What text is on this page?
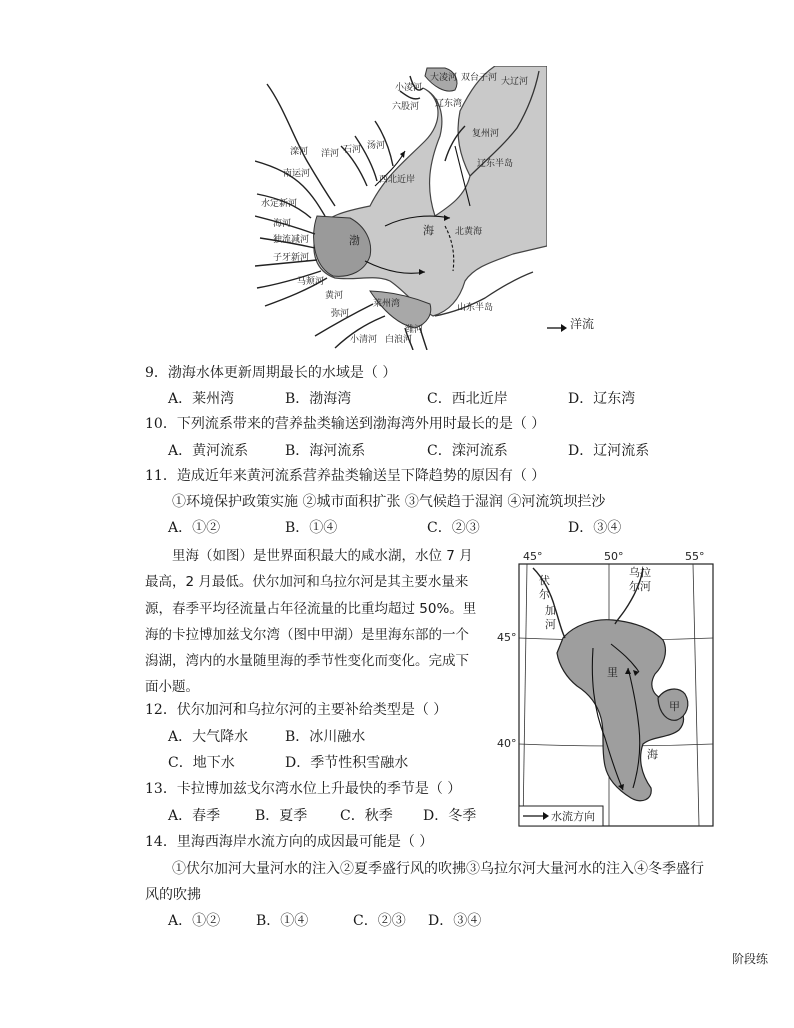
大凌河 双台子河 大辽河
小凌河
六股河 辽东湾
滦河 洋河 石河 汤河
复州河
辽东半岛
西北近岸
南运河
水定新河
海河
独流减河
子牙新河
马颊河
渤
海 北黄海
黄河
莱州湾	山东半岛
弥河
潍河
小清河 白浪河
洋流
9．渤海水体更新周期最长的水域是（ ）
A．莱州湾	B．渤海湾	C．西北近岸	D．辽东湾
10．下列流系带来的营养盐类输送到渤海湾外用时最长的是（ ）
A．黄河流系	B．海河流系	C．滦河流系	D．辽河流系
11．造成近年来黄河流系营养盐类输送呈下降趋势的原因有（ ）
①环境保护政策实施 ②城市面积扩张 ③气候趋于湿润 ④河流筑坝拦沙
A．①②	B．①④	C．②③	D．③④
里海（如图）是世界面积最大的咸水湖，水位 7 月
最高，2 月最低。伏尔加河和乌拉尔河是其主要水量来
源，春季平均径流量占年径流量的比重均超过 50%。里
海的卡拉博加兹戈尔湾（图中甲湖）是里海东部的一个
潟湖，湾内的水量随里海的季节性变化而变化。完成下
面小题。
45°	50°	55°
45°
40°
伏
尔
加
河
乌拉
尔河
里
海
甲
水流方向
12．伏尔加河和乌拉尔河的主要补给类型是（ ）
A．大气降水	B．冰川融水
C．地下水	D．季节性积雪融水
13．卡拉博加兹戈尔湾水位上升最快的季节是（ ）
A．春季 B．夏季 C．秋季 D．冬季
14．里海西海岸水流方向的成因最可能是（ ）
①伏尔加河大量河水的注入②夏季盛行风的吹拂③乌拉尔河大量河水的注入④冬季盛行
风的吹拂
A．①②	B．①④	C．②③ D．③④
阶段练
